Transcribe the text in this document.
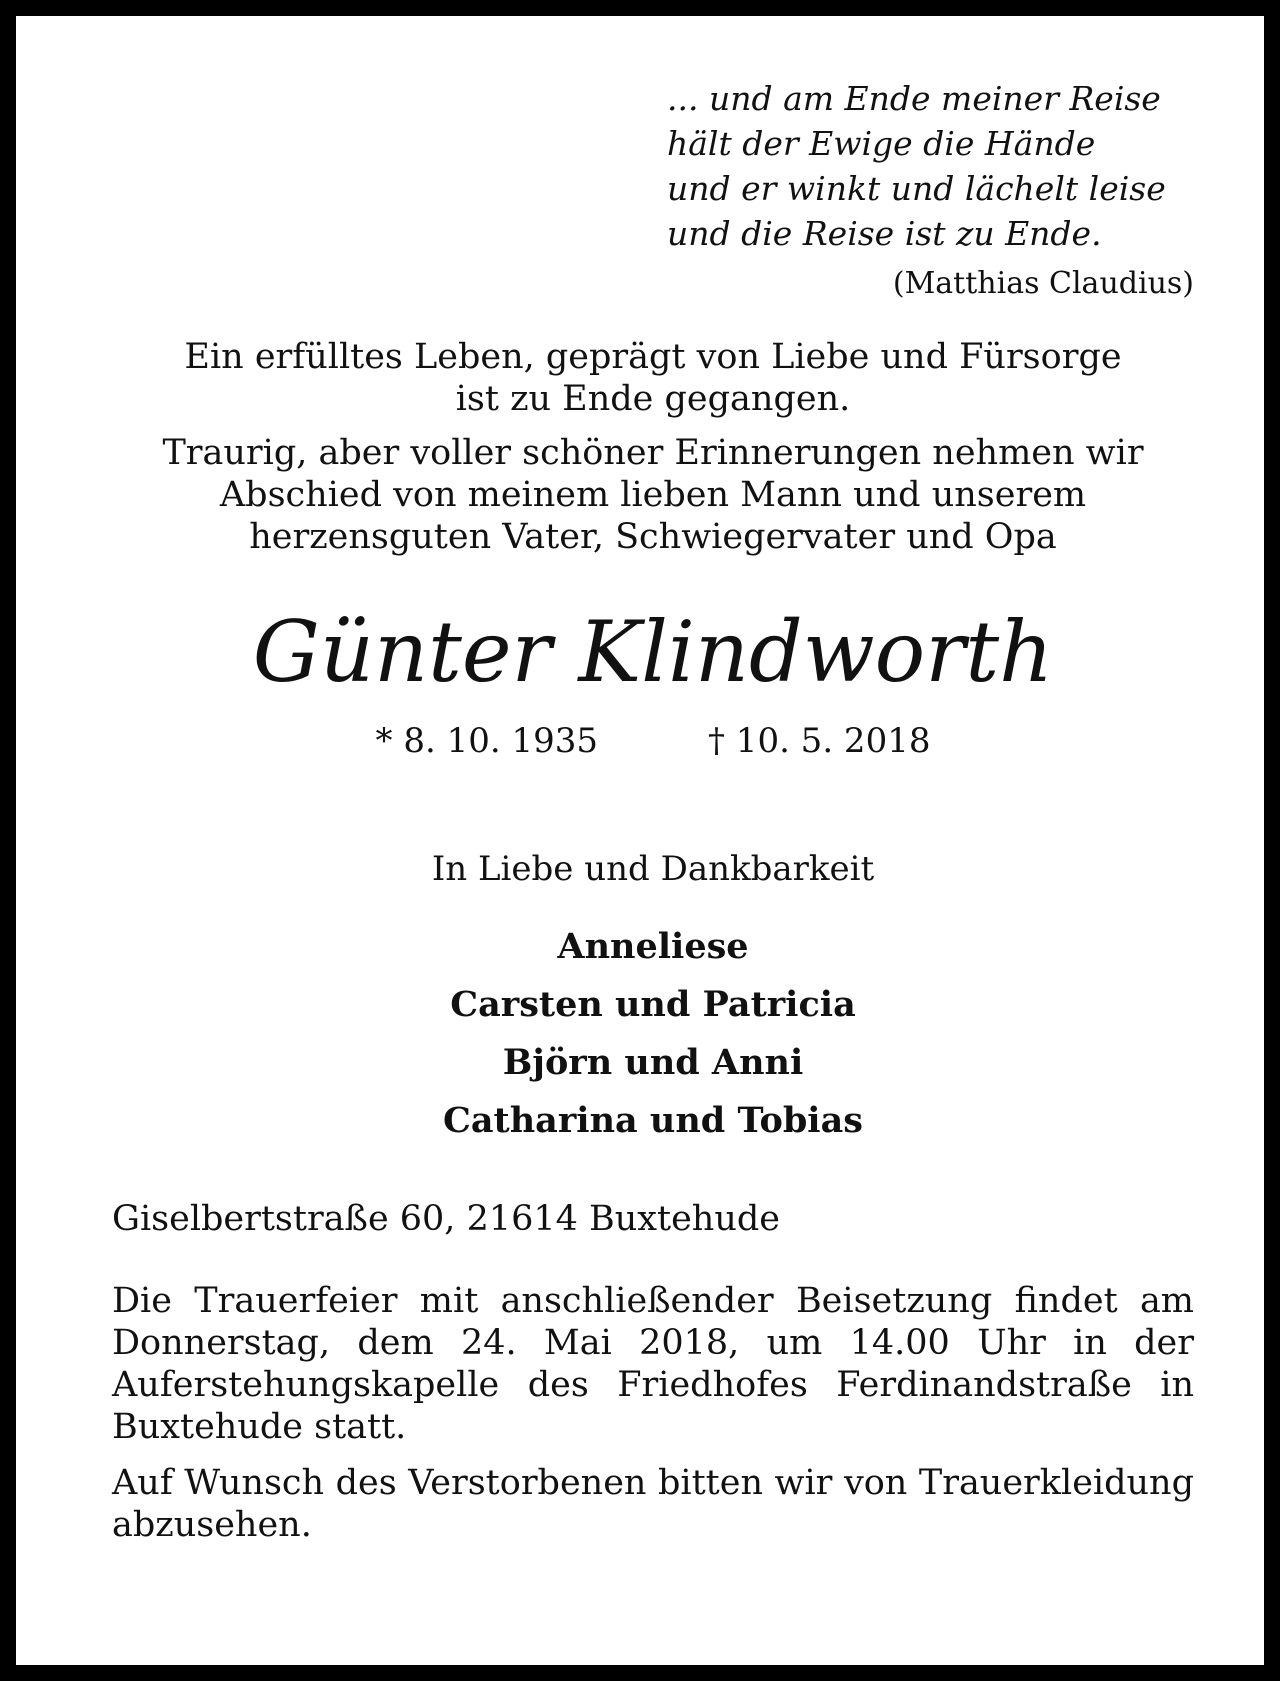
... und am Ende meiner Reise
hält der Ewige die Hände
und er winkt und lächelt leise
und die Reise ist zu Ende.
(Matthias Claudius)
Ein erfülltes Leben, geprägt von Liebe und Fürsorge
ist zu Ende gegangen.
Traurig, aber voller schöner Erinnerungen nehmen wir
Abschied von meinem lieben Mann und unserem
herzensguten Vater, Schwiegervater und Opa
Günter Klindworth
* 8. 10. 1935	† 10. 5. 2018
In Liebe und Dankbarkeit
Anneliese
Carsten und Patricia
Björn und Anni
Catharina und Tobias
Giselbertstraße 60, 21614 Buxtehude
Die Trauerfeier mit anschließender Beisetzung findet am Donnerstag, dem 24. Mai 2018, um 14.00 Uhr in der Auferstehungskapelle des Friedhofes Ferdinandstraße in Buxtehude statt.
Auf Wunsch des Verstorbenen bitten wir von Trauerkleidung abzusehen.
